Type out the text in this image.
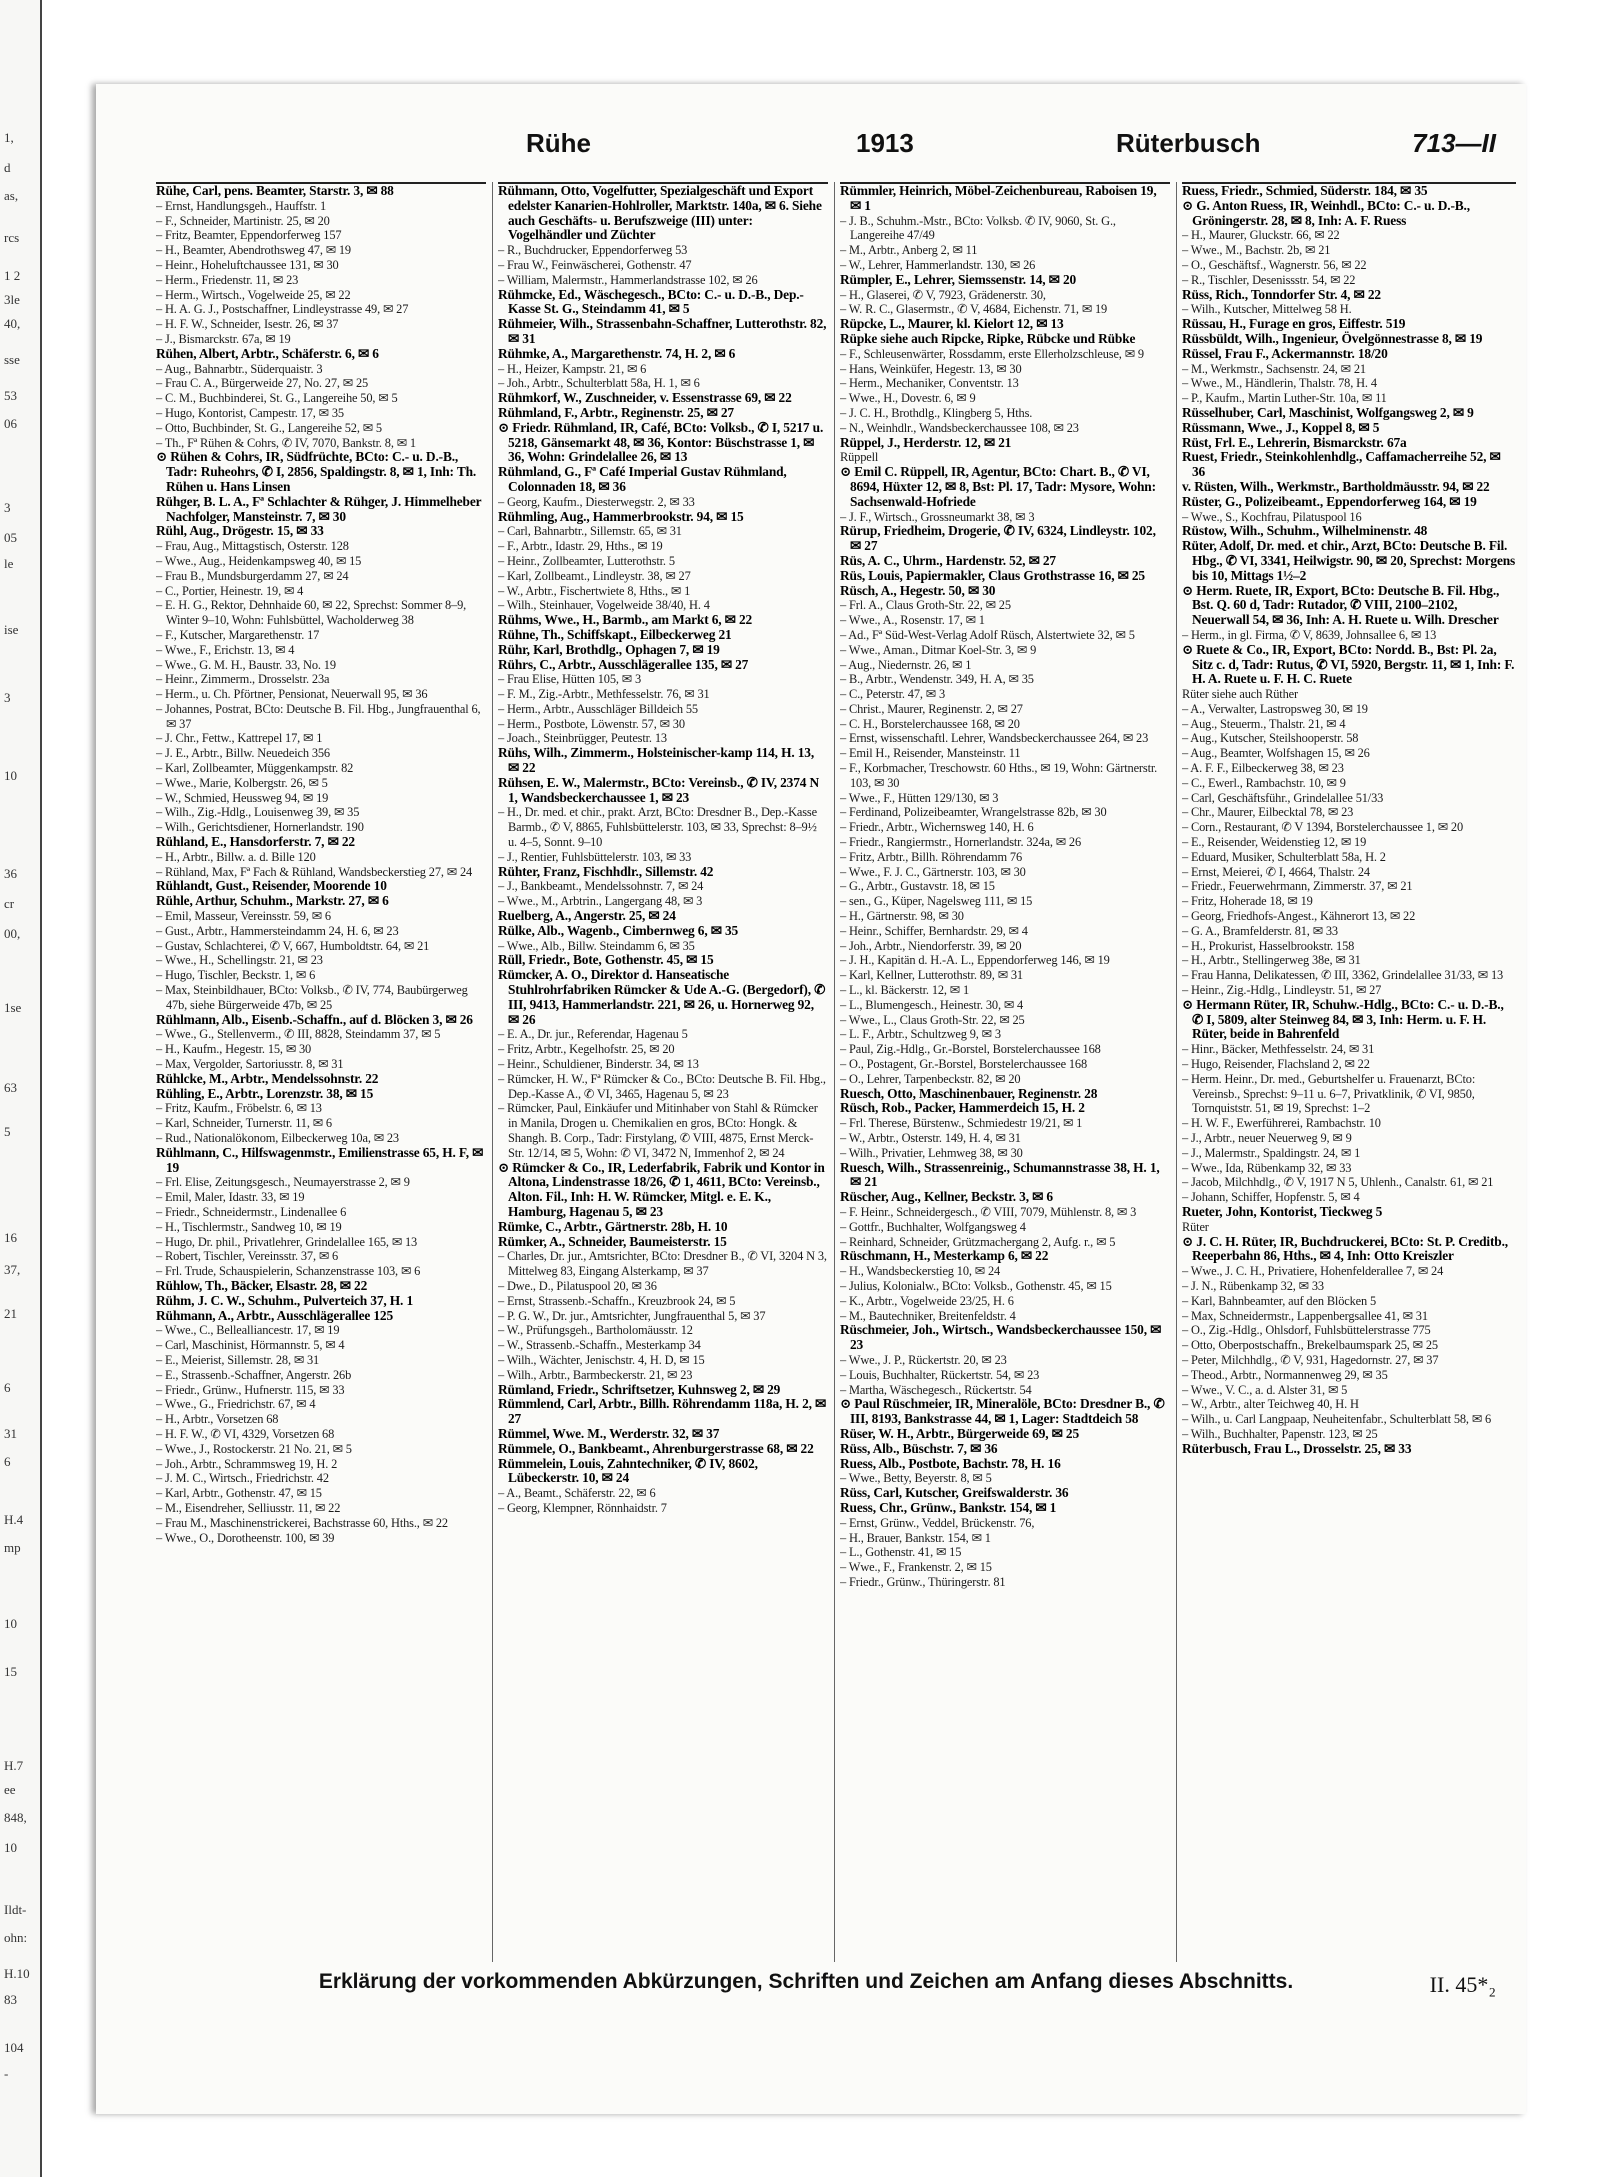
1,
d
as,
rcs
1 2
3le
40,
sse
53
06
3
05
le
ise
3
10
36
cr
00,
1se
63
5
16
37,
21
6
31
6
H.4
mp
10
15
H.7
ee
848,
10
Ildt-
ohn:
H.10
83
104
-
Rühe	1913	Rüterbusch	713—II

Rühe, Carl, pens. Beamter, Starstr. 3, ✉ 88

– Ernst, Handlungsgeh., Hauffstr. 1

– F., Schneider, Martinistr. 25, ✉ 20

– Fritz, Beamter, Eppendorferweg 157

– H., Beamter, Abendrothsweg 47, ✉ 19

– Heinr., Hoheluftchaussee 131, ✉ 30

– Herm., Friedenstr. 11, ✉ 23

– Herm., Wirtsch., Vogelweide 25, ✉ 22

– H. A. G. J., Postschaffner, Lindleystrasse 49, ✉ 27

– H. F. W., Schneider, Isestr. 26, ✉ 37

– J., Bismarckstr. 67a, ✉ 19

Rühen, Albert, Arbtr., Schäferstr. 6, ✉ 6

– Aug., Bahnarbtr., Süderquaistr. 3

– Frau C. A., Bürgerweide 27, No. 27, ✉ 25

– C. M., Buchbinderei, St. G., Langereihe 50, ✉ 5

– Hugo, Kontorist, Campestr. 17, ✉ 35

– Otto, Buchbinder, St. G., Langereihe 52, ✉ 5

– Th., Fª Rühen & Cohrs, ✆ IV, 7070, Bankstr. 8, ✉ 1

⊙ Rühen & Cohrs, IR, Südfrüchte, BCto: C.- u. D.-B., Tadr: Ruheohrs, ✆ I, 2856, Spaldingstr. 8, ✉ 1, Inh: Th. Rühen u. Hans Linsen

Rühger, B. L. A., Fª Schlachter & Rühger, J. Himmelheber Nachfolger, Mansteinstr. 7, ✉ 30

Rühl, Aug., Drögestr. 15, ✉ 33

– Frau, Aug., Mittagstisch, Osterstr. 128

– Wwe., Aug., Heidenkampsweg 40, ✉ 15

– Frau B., Mundsburgerdamm 27, ✉ 24

– C., Portier, Heinestr. 19, ✉ 4

– E. H. G., Rektor, Dehnhaide 60, ✉ 22, Sprechst: Sommer 8–9, Winter 9–10, Wohn: Fuhlsbüttel, Wacholderweg 38

– F., Kutscher, Margarethenstr. 17

– Wwe., F., Erichstr. 13, ✉ 4

– Wwe., G. M. H., Baustr. 33, No. 19

– Heinr., Zimmerm., Drosselstr. 23a

– Herm., u. Ch. Pförtner, Pensionat, Neuerwall 95, ✉ 36

– Johannes, Postrat, BCto: Deutsche B. Fil. Hbg., Jungfrauenthal 6, ✉ 37

– J. Chr., Fettw., Kattrepel 17, ✉ 1

– J. E., Arbtr., Billw. Neuedeich 356

– Karl, Zollbeamter, Müggenkampstr. 82

– Wwe., Marie, Kolbergstr. 26, ✉ 5

– W., Schmied, Heussweg 94, ✉ 19

– Wilh., Zig.-Hdlg., Louisenweg 39, ✉ 35

– Wilh., Gerichtsdiener, Hornerlandstr. 190

Rühland, E., Hansdorferstr. 7, ✉ 22

– H., Arbtr., Billw. a. d. Bille 120

– Rühland, Max, Fª Fach & Rühland, Wandsbeckerstieg 27, ✉ 24

Rühlandt, Gust., Reisender, Moorende 10

Rühle, Arthur, Schuhm., Markstr. 27, ✉ 6

– Emil, Masseur, Vereinsstr. 59, ✉ 6

– Gust., Arbtr., Hammersteindamm 24, H. 6, ✉ 23

– Gustav, Schlachterei, ✆ V, 667, Humboldtstr. 64, ✉ 21

– Wwe., H., Schellingstr. 21, ✉ 23

– Hugo, Tischler, Beckstr. 1, ✉ 6

– Max, Steinbildhauer, BCto: Volksb., ✆ IV, 774, Baubürgerweg 47b, siehe Bürgerweide 47b, ✉ 25

Rühlmann, Alb., Eisenb.-Schaffn., auf d. Blöcken 3, ✉ 26

– Wwe., G., Stellenverm., ✆ III, 8828, Steindamm 37, ✉ 5

– H., Kaufm., Hegestr. 15, ✉ 30

– Max, Vergolder, Sartoriusstr. 8, ✉ 31

Rühlcke, M., Arbtr., Mendelssohnstr. 22

Rühling, E., Arbtr., Lorenzstr. 38, ✉ 15

– Fritz, Kaufm., Fröbelstr. 6, ✉ 13

– Karl, Schneider, Turnerstr. 11, ✉ 6

– Rud., Nationalökonom, Eilbeckerweg 10a, ✉ 23

Rühlmann, C., Hilfswagenmstr., Emilienstrasse 65, H. F, ✉ 19

– Frl. Elise, Zeitungsgesch., Neumayerstrasse 2, ✉ 9

– Emil, Maler, Idastr. 33, ✉ 19

– Friedr., Schneidermstr., Lindenallee 6

– H., Tischlermstr., Sandweg 10, ✉ 19

– Hugo, Dr. phil., Privatlehrer, Grindelallee 165, ✉ 13

– Robert, Tischler, Vereinsstr. 37, ✉ 6

– Frl. Trude, Schauspielerin, Schanzenstrasse 103, ✉ 6

Rühlow, Th., Bäcker, Elsastr. 28, ✉ 22

Rühm, J. C. W., Schuhm., Pulverteich 37, H. 1

Rühmann, A., Arbtr., Ausschlägerallee 125

– Wwe., C., Bellealliancestr. 17, ✉ 19

– Carl, Maschinist, Hörmannstr. 5, ✉ 4

– E., Meierist, Sillemstr. 28, ✉ 31

– E., Strassenb.-Schaffner, Angerstr. 26b

– Friedr., Grünw., Hufnerstr. 115, ✉ 33

– Wwe., G., Friedrichstr. 67, ✉ 4

– H., Arbtr., Vorsetzen 68

– H. F. W., ✆ VI, 4329, Vorsetzen 68

– Wwe., J., Rostockerstr. 21 No. 21, ✉ 5

– Joh., Arbtr., Schrammsweg 19, H. 2

– J. M. C., Wirtsch., Friedrichstr. 42

– Karl, Arbtr., Gothenstr. 47, ✉ 15

– M., Eisendreher, Selliusstr. 11, ✉ 22

– Frau M., Maschinenstrickerei, Bachstrasse 60, Hths., ✉ 22

– Wwe., O., Dorotheenstr. 100, ✉ 39

Rühmann, Otto, Vogelfutter, Spezialgeschäft und Export edelster Kanarien-Hohlroller, Marktstr. 140a, ✉ 6. Siehe auch Geschäfts- u. Berufszweige (III) unter: Vogelhändler und Züchter

– R., Buchdrucker, Eppendorferweg 53

– Frau W., Feinwäscherei, Gothenstr. 47

– William, Malermstr., Hammerlandstrasse 102, ✉ 26

Rühmcke, Ed., Wäschegesch., BCto: C.- u. D.-B., Dep.-Kasse St. G., Steindamm 41, ✉ 5

Rühmeier, Wilh., Strassenbahn-Schaffner, Lutterothstr. 82, ✉ 31

Rühmke, A., Margarethenstr. 74, H. 2, ✉ 6

– H., Heizer, Kampstr. 21, ✉ 6

– Joh., Arbtr., Schulterblatt 58a, H. 1, ✉ 6

Rühmkorf, W., Zuschneider, v. Essenstrasse 69, ✉ 22

Rühmland, F., Arbtr., Reginenstr. 25, ✉ 27

⊙ Friedr. Rühmland, IR, Café, BCto: Volksb., ✆ I, 5217 u. 5218, Gänsemarkt 48, ✉ 36, Kontor: Büschstrasse 1, ✉ 36, Wohn: Grindelallee 26, ✉ 13

Rühmland, G., Fª Café Imperial Gustav Rühmland, Colonnaden 18, ✉ 36

– Georg, Kaufm., Diesterwegstr. 2, ✉ 33

Rühmling, Aug., Hammerbrookstr. 94, ✉ 15

– Carl, Bahnarbtr., Sillemstr. 65, ✉ 31

– F., Arbtr., Idastr. 29, Hths., ✉ 19

– Heinr., Zollbeamter, Lutterothstr. 5

– Karl, Zollbeamt., Lindleystr. 38, ✉ 27

– W., Arbtr., Fischertwiete 8, Hths., ✉ 1

– Wilh., Steinhauer, Vogelweide 38/40, H. 4

Rühms, Wwe., H., Barmb., am Markt 6, ✉ 22

Rühne, Th., Schiffskapt., Eilbeckerweg 21

Rühr, Karl, Brothdlg., Ophagen 7, ✉ 19

Rührs, C., Arbtr., Ausschlägerallee 135, ✉ 27

– Frau Elise, Hütten 105, ✉ 3

– F. M., Zig.-Arbtr., Methfesselstr. 76, ✉ 31

– Herm., Arbtr., Ausschläger Billdeich 55

– Herm., Postbote, Löwenstr. 57, ✉ 30

– Joach., Steinbrügger, Peutestr. 13

Rühs, Wilh., Zimmerm., Holsteinischer-kamp 114, H. 13, ✉ 22

Rühsen, E. W., Malermstr., BCto: Vereinsb., ✆ IV, 2374 N 1, Wandsbeckerchaussee 1, ✉ 23

– H., Dr. med. et chir., prakt. Arzt, BCto: Dresdner B., Dep.-Kasse Barmb., ✆ V, 8865, Fuhlsbüttelerstr. 103, ✉ 33, Sprechst: 8–9½ u. 4–5, Sonnt. 9–10

– J., Rentier, Fuhlsbüttelerstr. 103, ✉ 33

Rühter, Franz, Fischhdlr., Sillemstr. 42

– J., Bankbeamt., Mendelssohnstr. 7, ✉ 24

– Wwe., M., Arbtrin., Langergang 48, ✉ 3

Ruelberg, A., Angerstr. 25, ✉ 24

Rülke, Alb., Wagenb., Cimbernweg 6, ✉ 35

– Wwe., Alb., Billw. Steindamm 6, ✉ 35

Rüll, Friedr., Bote, Gothenstr. 45, ✉ 15

Rümcker, A. O., Direktor d. Hanseatische Stuhlrohrfabriken Rümcker & Ude A.-G. (Bergedorf), ✆ III, 9413, Hammerlandstr. 221, ✉ 26, u. Hornerweg 92, ✉ 26

– E. A., Dr. jur., Referendar, Hagenau 5

– Fritz, Arbtr., Kegelhofstr. 25, ✉ 20

– Heinr., Schuldiener, Binderstr. 34, ✉ 13

– Rümcker, H. W., Fª Rümcker & Co., BCto: Deutsche B. Fil. Hbg., Dep.-Kasse A., ✆ VI, 3465, Hagenau 5, ✉ 23

– Rümcker, Paul, Einkäufer und Mitinhaber von Stahl & Rümcker in Manila, Drogen u. Chemikalien en gros, BCto: Hongk. & Shangh. B. Corp., Tadr: Firstylang, ✆ VIII, 4875, Ernst Merck-Str. 12/14, ✉ 5, Wohn: ✆ VI, 3472 N, Immenhof 2, ✉ 24

⊙ Rümcker & Co., IR, Lederfabrik, Fabrik und Kontor in Altona, Lindenstrasse 18/26, ✆ 1, 4611, BCto: Vereinsb., Alton. Fil., Inh: H. W. Rümcker, Mitgl. e. E. K., Hamburg, Hagenau 5, ✉ 23

Rümke, C., Arbtr., Gärtnerstr. 28b, H. 10

Rümker, A., Schneider, Baumeisterstr. 15

– Charles, Dr. jur., Amtsrichter, BCto: Dresdner B., ✆ VI, 3204 N 3, Mittelweg 83, Eingang Alsterkamp, ✉ 37

– Dwe., D., Pilatuspool 20, ✉ 36

– Ernst, Strassenb.-Schaffn., Kreuzbrook 24, ✉ 5

– P. G. W., Dr. jur., Amtsrichter, Jungfrauenthal 5, ✉ 37

– W., Prüfungsgeh., Bartholomäusstr. 12

– W., Strassenb.-Schaffn., Mesterkamp 34

– Wilh., Wächter, Jenischstr. 4, H. D, ✉ 15

– Wilh., Arbtr., Barmbeckerstr. 21, ✉ 23

Rümland, Friedr., Schriftsetzer, Kuhnsweg 2, ✉ 29

Rümmlend, Carl, Arbtr., Billh. Röhrendamm 118a, H. 2, ✉ 27

Rümmel, Wwe. M., Werderstr. 32, ✉ 37

Rümmele, O., Bankbeamt., Ahrenburgerstrasse 68, ✉ 22

Rümmelein, Louis, Zahntechniker, ✆ IV, 8602, Lübeckerstr. 10, ✉ 24

– A., Beamt., Schäferstr. 22, ✉ 6

– Georg, Klempner, Rönnhaidstr. 7

Rümmler, Heinrich, Möbel-Zeichenbureau, Raboisen 19, ✉ 1

– J. B., Schuhm.-Mstr., BCto: Volksb. ✆ IV, 9060, St. G., Langereihe 47/49

– M., Arbtr., Anberg 2, ✉ 11

– W., Lehrer, Hammerlandstr. 130, ✉ 26

Rümpler, E., Lehrer, Siemssenstr. 14, ✉ 20

– H., Glaserei, ✆ V, 7923, Grädenerstr. 30,

– W. R. C., Glasermstr., ✆ V, 4684, Eichenstr. 71, ✉ 19

Rüpcke, L., Maurer, kl. Kielort 12, ✉ 13

Rüpke siehe auch Ripcke, Ripke, Rübcke und Rübke

– F., Schleusenwärter, Rossdamm, erste Ellerholzschleuse, ✉ 9

– Hans, Weinküfer, Hegestr. 13, ✉ 30

– Herm., Mechaniker, Conventstr. 13

– Wwe., H., Dovestr. 6, ✉ 9

– J. C. H., Brothdlg., Klingberg 5, Hths.

– N., Weinhdlr., Wandsbeckerchaussee 108, ✉ 23

Rüppel, J., Herderstr. 12, ✉ 21

Rüppell

⊙ Emil C. Rüppell, IR, Agentur, BCto: Chart. B., ✆ VI, 8694, Hüxter 12, ✉ 8, Bst: Pl. 17, Tadr: Mysore, Wohn: Sachsenwald-Hofriede

– J. F., Wirtsch., Grossneumarkt 38, ✉ 3

Rürup, Friedheim, Drogerie, ✆ IV, 6324, Lindleystr. 102, ✉ 27

Rüs, A. C., Uhrm., Hardenstr. 52, ✉ 27

Rüs, Louis, Papiermakler, Claus Grothstrasse 16, ✉ 25

Rüsch, A., Hegestr. 50, ✉ 30

– Frl. A., Claus Groth-Str. 22, ✉ 25

– Wwe., A., Rosenstr. 17, ✉ 1

– Ad., Fª Süd-West-Verlag Adolf Rüsch, Alstertwiete 32, ✉ 5

– Wwe., Aman., Ditmar Koel-Str. 3, ✉ 9

– Aug., Niedernstr. 26, ✉ 1

– B., Arbtr., Wendenstr. 349, H. A, ✉ 35

– C., Peterstr. 47, ✉ 3

– Christ., Maurer, Reginenstr. 2, ✉ 27

– C. H., Borstelerchaussee 168, ✉ 20

– Ernst, wissenschaftl. Lehrer, Wandsbeckerchaussee 264, ✉ 23

– Emil H., Reisender, Mansteinstr. 11

– F., Korbmacher, Treschowstr. 60 Hths., ✉ 19, Wohn: Gärtnerstr. 103, ✉ 30

– Wwe., F., Hütten 129/130, ✉ 3

– Ferdinand, Polizeibeamter, Wrangelstrasse 82b, ✉ 30

– Friedr., Arbtr., Wichernsweg 140, H. 6

– Friedr., Rangiermstr., Hornerlandstr. 324a, ✉ 26

– Fritz, Arbtr., Billh. Röhrendamm 76

– Wwe., F. J. C., Gärtnerstr. 103, ✉ 30

– G., Arbtr., Gustavstr. 18, ✉ 15

– sen., G., Küper, Nagelsweg 111, ✉ 15

– H., Gärtnerstr. 98, ✉ 30

– Heinr., Schiffer, Bernhardstr. 29, ✉ 4

– Joh., Arbtr., Niendorferstr. 39, ✉ 20

– J. H., Kapitän d. H.-A. L., Eppendorferweg 146, ✉ 19

– Karl, Kellner, Lutterothstr. 89, ✉ 31

– L., kl. Bäckerstr. 12, ✉ 1

– L., Blumengesch., Heinestr. 30, ✉ 4

– Wwe., L., Claus Groth-Str. 22, ✉ 25

– L. F., Arbtr., Schultzweg 9, ✉ 3

– Paul, Zig.-Hdlg., Gr.-Borstel, Borstelerchaussee 168

– O., Postagent, Gr.-Borstel, Borstelerchaussee 168

– O., Lehrer, Tarpenbeckstr. 82, ✉ 20

Ruesch, Otto, Maschinenbauer, Reginenstr. 28

Rüsch, Rob., Packer, Hammerdeich 15, H. 2

– Frl. Therese, Bürstenw., Schmiedestr 19/21, ✉ 1

– W., Arbtr., Osterstr. 149, H. 4, ✉ 31

– Wilh., Privatier, Lehmweg 38, ✉ 30

Ruesch, Wilh., Strassenreinig., Schumannstrasse 38, H. 1, ✉ 21

Rüscher, Aug., Kellner, Beckstr. 3, ✉ 6

– F. Heinr., Schneidergesch., ✆ VIII, 7079, Mühlenstr. 8, ✉ 3

– Gottfr., Buchhalter, Wolfgangsweg 4

– Reinhard, Schneider, Grützmachergang 2, Aufg. r., ✉ 5

Rüschmann, H., Mesterkamp 6, ✉ 22

– H., Wandsbeckerstieg 10, ✉ 24

– Julius, Kolonialw., BCto: Volksb., Gothenstr. 45, ✉ 15

– K., Arbtr., Vogelweide 23/25, H. 6

– M., Bautechniker, Breitenfeldstr. 4

Rüschmeier, Joh., Wirtsch., Wandsbeckerchaussee 150, ✉ 23

– Wwe., J. P., Rückertstr. 20, ✉ 23

– Louis, Buchhalter, Rückertstr. 54, ✉ 23

– Martha, Wäschegesch., Rückertstr. 54

⊙ Paul Rüschmeier, IR, Mineralöle, BCto: Dresdner B., ✆ III, 8193, Bankstrasse 44, ✉ 1, Lager: Stadtdeich 58

Rüser, W. H., Arbtr., Bürgerweide 69, ✉ 25

Rüss, Alb., Büschstr. 7, ✉ 36

Ruess, Alb., Postbote, Bachstr. 78, H. 16

– Wwe., Betty, Beyerstr. 8, ✉ 5

Rüss, Carl, Kutscher, Greifswalderstr. 36

Ruess, Chr., Grünw., Bankstr. 154, ✉ 1

– Ernst, Grünw., Veddel, Brückenstr. 76,

– H., Brauer, Bankstr. 154, ✉ 1

– L., Gothenstr. 41, ✉ 15

– Wwe., F., Frankenstr. 2, ✉ 15

– Friedr., Grünw., Thüringerstr. 81

Ruess, Friedr., Schmied, Süderstr. 184, ✉ 35

⊙ G. Anton Ruess, IR, Weinhdl., BCto: C.- u. D.-B., Gröningerstr. 28, ✉ 8, Inh: A. F. Ruess

– H., Maurer, Gluckstr. 66, ✉ 22

– Wwe., M., Bachstr. 2b, ✉ 21

– O., Geschäftsf., Wagnerstr. 56, ✉ 22

– R., Tischler, Desenissstr. 54, ✉ 22

Rüss, Rich., Tonndorfer Str. 4, ✉ 22

– Wilh., Kutscher, Mittelweg 58 H.

Rüssau, H., Furage en gros, Eiffestr. 519

Rüssbüldt, Wilh., Ingenieur, Övelgönnestrasse 8, ✉ 19

Rüssel, Frau F., Ackermannstr. 18/20

– M., Werkmstr., Sachsenstr. 24, ✉ 21

– Wwe., M., Händlerin, Thalstr. 78, H. 4

– P., Kaufm., Martin Luther-Str. 10a, ✉ 11

Rüsselhuber, Carl, Maschinist, Wolfgangsweg 2, ✉ 9

Rüssmann, Wwe., J., Koppel 8, ✉ 5

Rüst, Frl. E., Lehrerin, Bismarckstr. 67a

Ruest, Friedr., Steinkohlenhdlg., Caffamacherreihe 52, ✉ 36

v. Rüsten, Wilh., Werkmstr., Bartholdmäusstr. 94, ✉ 22

Rüster, G., Polizeibeamt., Eppendorferweg 164, ✉ 19

– Wwe., S., Kochfrau, Pilatuspool 16

Rüstow, Wilh., Schuhm., Wilhelminenstr. 48

Rüter, Adolf, Dr. med. et chir., Arzt, BCto: Deutsche B. Fil. Hbg., ✆ VI, 3341, Heilwigstr. 90, ✉ 20, Sprechst: Morgens bis 10, Mittags 1½–2

⊙ Herm. Ruete, IR, Export, BCto: Deutsche B. Fil. Hbg., Bst. Q. 60 d, Tadr: Rutador, ✆ VIII, 2100–2102, Neuerwall 54, ✉ 36, Inh: A. H. Ruete u. Wilh. Drescher

– Herm., in gl. Firma, ✆ V, 8639, Johnsallee 6, ✉ 13

⊙ Ruete & Co., IR, Export, BCto: Nordd. B., Bst: Pl. 2a, Sitz c. d, Tadr: Rutus, ✆ VI, 5920, Bergstr. 11, ✉ 1, Inh: F. H. A. Ruete u. F. H. C. Ruete

Rüter siehe auch Rüther

– A., Verwalter, Lastropsweg 30, ✉ 19

– Aug., Steuerm., Thalstr. 21, ✉ 4

– Aug., Kutscher, Steilshooperstr. 58

– Aug., Beamter, Wolfshagen 15, ✉ 26

– A. F. F., Eilbeckerweg 38, ✉ 23

– C., Ewerl., Rambachstr. 10, ✉ 9

– Carl, Geschäftsführ., Grindelallee 51/33

– Chr., Maurer, Eilbecktal 78, ✉ 23

– Corn., Restaurant, ✆ V 1394, Borstelerchaussee 1, ✉ 20

– E., Reisender, Weidenstieg 12, ✉ 19

– Eduard, Musiker, Schulterblatt 58a, H. 2

– Ernst, Meierei, ✆ I, 4664, Thalstr. 24

– Friedr., Feuerwehrmann, Zimmerstr. 37, ✉ 21

– Fritz, Hoherade 18, ✉ 19

– Georg, Friedhofs-Angest., Kähnerort 13, ✉ 22

– G. A., Bramfelderstr. 81, ✉ 33

– H., Prokurist, Hasselbrookstr. 158

– H., Arbtr., Stellingerweg 38e, ✉ 31

– Frau Hanna, Delikatessen, ✆ III, 3362, Grindelallee 31/33, ✉ 13

– Heinr., Zig.-Hdlg., Lindleystr. 51, ✉ 27

⊙ Hermann Rüter, IR, Schuhw.-Hdlg., BCto: C.- u. D.-B., ✆ I, 5809, alter Steinweg 84, ✉ 3, Inh: Herm. u. F. H. Rüter, beide in Bahrenfeld

– Hinr., Bäcker, Methfesselstr. 24, ✉ 31

– Hugo, Reisender, Flachsland 2, ✉ 22

– Herm. Heinr., Dr. med., Geburtshelfer u. Frauenarzt, BCto: Vereinsb., Sprechst: 9–11 u. 6–7, Privatklinik, ✆ VI, 9850, Tornquiststr. 51, ✉ 19, Sprechst: 1–2

– H. W. F., Ewerführerei, Rambachstr. 10

– J., Arbtr., neuer Neuerweg 9, ✉ 9

– J., Malermstr., Spaldingstr. 24, ✉ 1

– Wwe., Ida, Rübenkamp 32, ✉ 33

– Jacob, Milchhdlg., ✆ V, 1917 N 5, Uhlenh., Canalstr. 61, ✉ 21

– Johann, Schiffer, Hopfenstr. 5, ✉ 4

Rueter, John, Kontorist, Tieckweg 5

Rüter

⊙ J. C. H. Rüter, IR, Buchdruckerei, BCto: St. P. Creditb., Reeperbahn 86, Hths., ✉ 4, Inh: Otto Kreiszler

– Wwe., J. C. H., Privatiere, Hohenfelderallee 7, ✉ 24

– J. N., Rübenkamp 32, ✉ 33

– Karl, Bahnbeamter, auf den Blöcken 5

– Max, Schneidermstr., Lappenbergsallee 41, ✉ 31

– O., Zig.-Hdlg., Ohlsdorf, Fuhlsbüttelerstrasse 775

– Otto, Oberpostschaffn., Brekelbaumspark 25, ✉ 25

– Peter, Milchhdlg., ✆ V, 931, Hagedornstr. 27, ✉ 37

– Theod., Arbtr., Normannenweg 29, ✉ 35

– Wwe., V. C., a. d. Alster 31, ✉ 5

– W., Arbtr., alter Teichweg 40, H. H

– Wilh., u. Carl Langpaap, Neuheitenfabr., Schulterblatt 58, ✉ 6

– Wilh., Buchhalter, Papenstr. 123, ✉ 25

Rüterbusch, Frau L., Drosselstr. 25, ✉ 33

Erklärung der vorkommenden Abkürzungen, Schriften und Zeichen am Anfang dieses Abschnitts.	II. 45*₂
